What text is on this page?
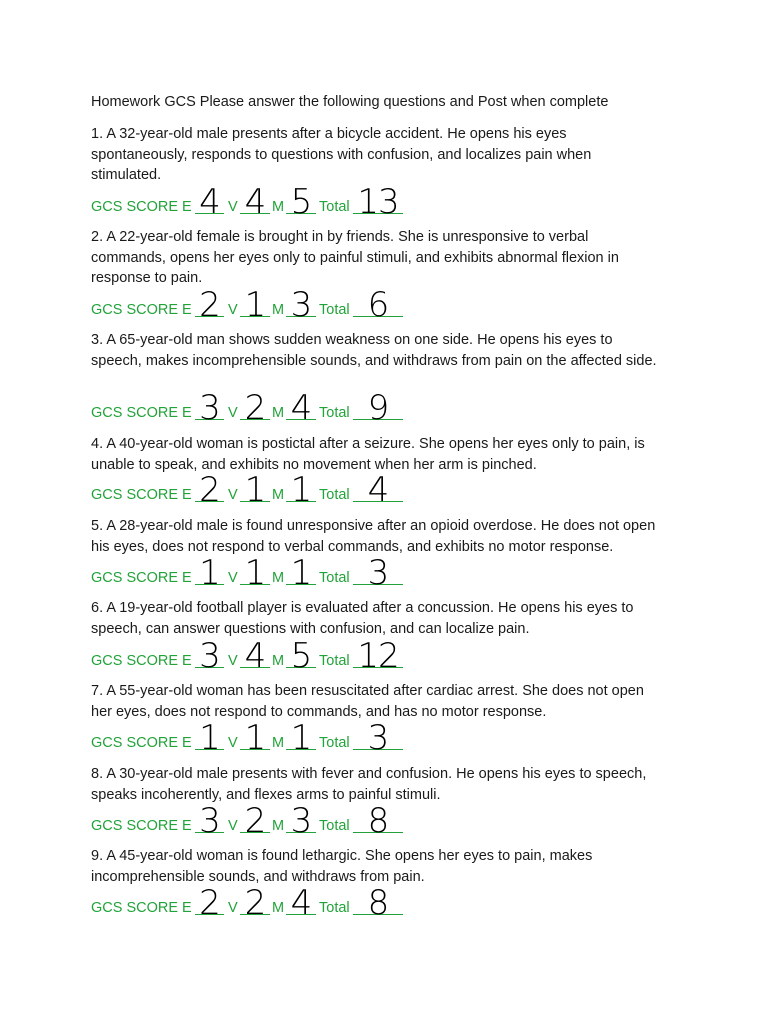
Homework GCS Please answer the following questions and Post when complete

1. A 32-year-old male presents after a bicycle accident. He opens his eyes

spontaneously, responds to questions with confusion, and localizes pain when

stimulated.

GCS SCORE E 4 V 4 M 5 Total 13

2. A 22-year-old female is brought in by friends. She is unresponsive to verbal

commands, opens her eyes only to painful stimuli, and exhibits abnormal flexion in

response to pain.

GCS SCORE E 2 V 1 M 3 Total 6

3. A 65-year-old man shows sudden weakness on one side. He opens his eyes to

speech, makes incomprehensible sounds, and withdraws from pain on the affected side.

GCS SCORE E 3 V 2 M 4 Total 9

4. A 40-year-old woman is postictal after a seizure. She opens her eyes only to pain, is

unable to speak, and exhibits no movement when her arm is pinched.

GCS SCORE E 2 V 1 M 1 Total 4

5. A 28-year-old male is found unresponsive after an opioid overdose. He does not open

his eyes, does not respond to verbal commands, and exhibits no motor response.

GCS SCORE E 1 V 1 M 1 Total 3

6. A 19-year-old football player is evaluated after a concussion. He opens his eyes to

speech, can answer questions with confusion, and can localize pain.

GCS SCORE E 3 V 4 M 5 Total 12

7. A 55-year-old woman has been resuscitated after cardiac arrest. She does not open

her eyes, does not respond to commands, and has no motor response.

GCS SCORE E 1 V 1 M 1 Total 3

8. A 30-year-old male presents with fever and confusion. He opens his eyes to speech,

speaks incoherently, and flexes arms to painful stimuli.

GCS SCORE E 3 V 2 M 3 Total 8

9. A 45-year-old woman is found lethargic. She opens her eyes to pain, makes

incomprehensible sounds, and withdraws from pain.

GCS SCORE E 2 V 2 M 4 Total 8
